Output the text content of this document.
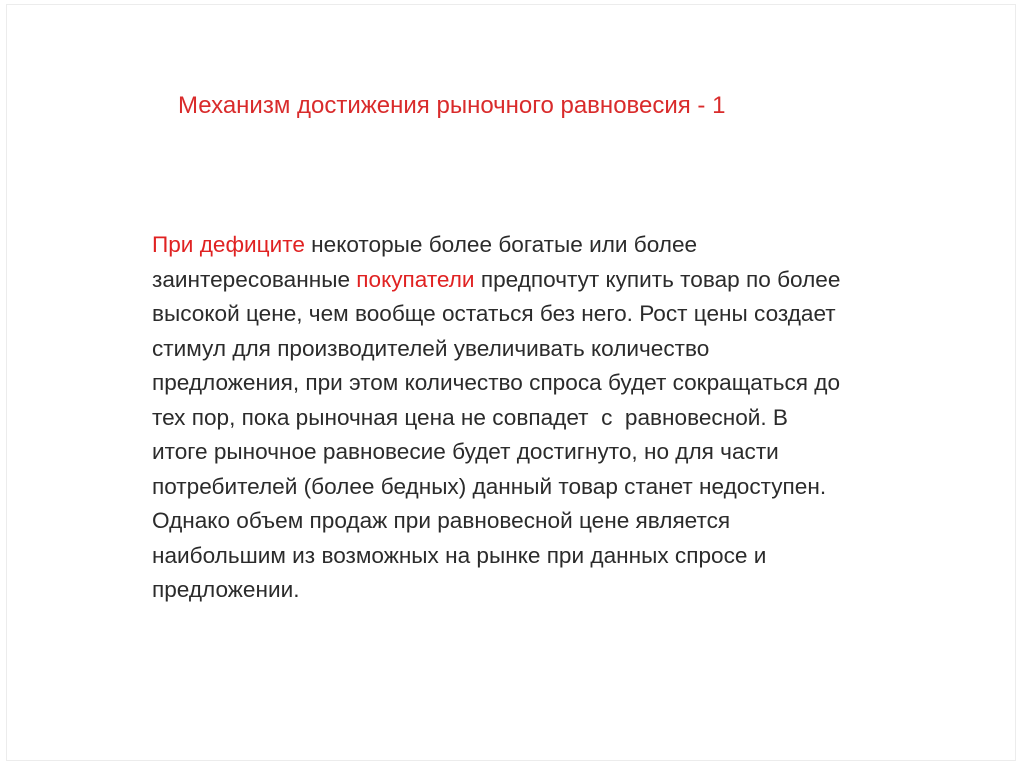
Механизм достижения рыночного равновесия - 1
При дефиците некоторые более богатые или более
заинтересованные покупатели предпочтут купить товар по более
высокой цене, чем вообще остаться без него. Рост цены создает
стимул для производителей увеличивать количество
предложения, при этом количество спроса будет сокращаться до
тех пор, пока рыночная цена не совпадет  с  равновесной. В
итоге рыночное равновесие будет достигнуто, но для части
потребителей (более бедных) данный товар станет недоступен.
Однако объем продаж при равновесной цене является
наибольшим из возможных на рынке при данных спросе и
предложении.
